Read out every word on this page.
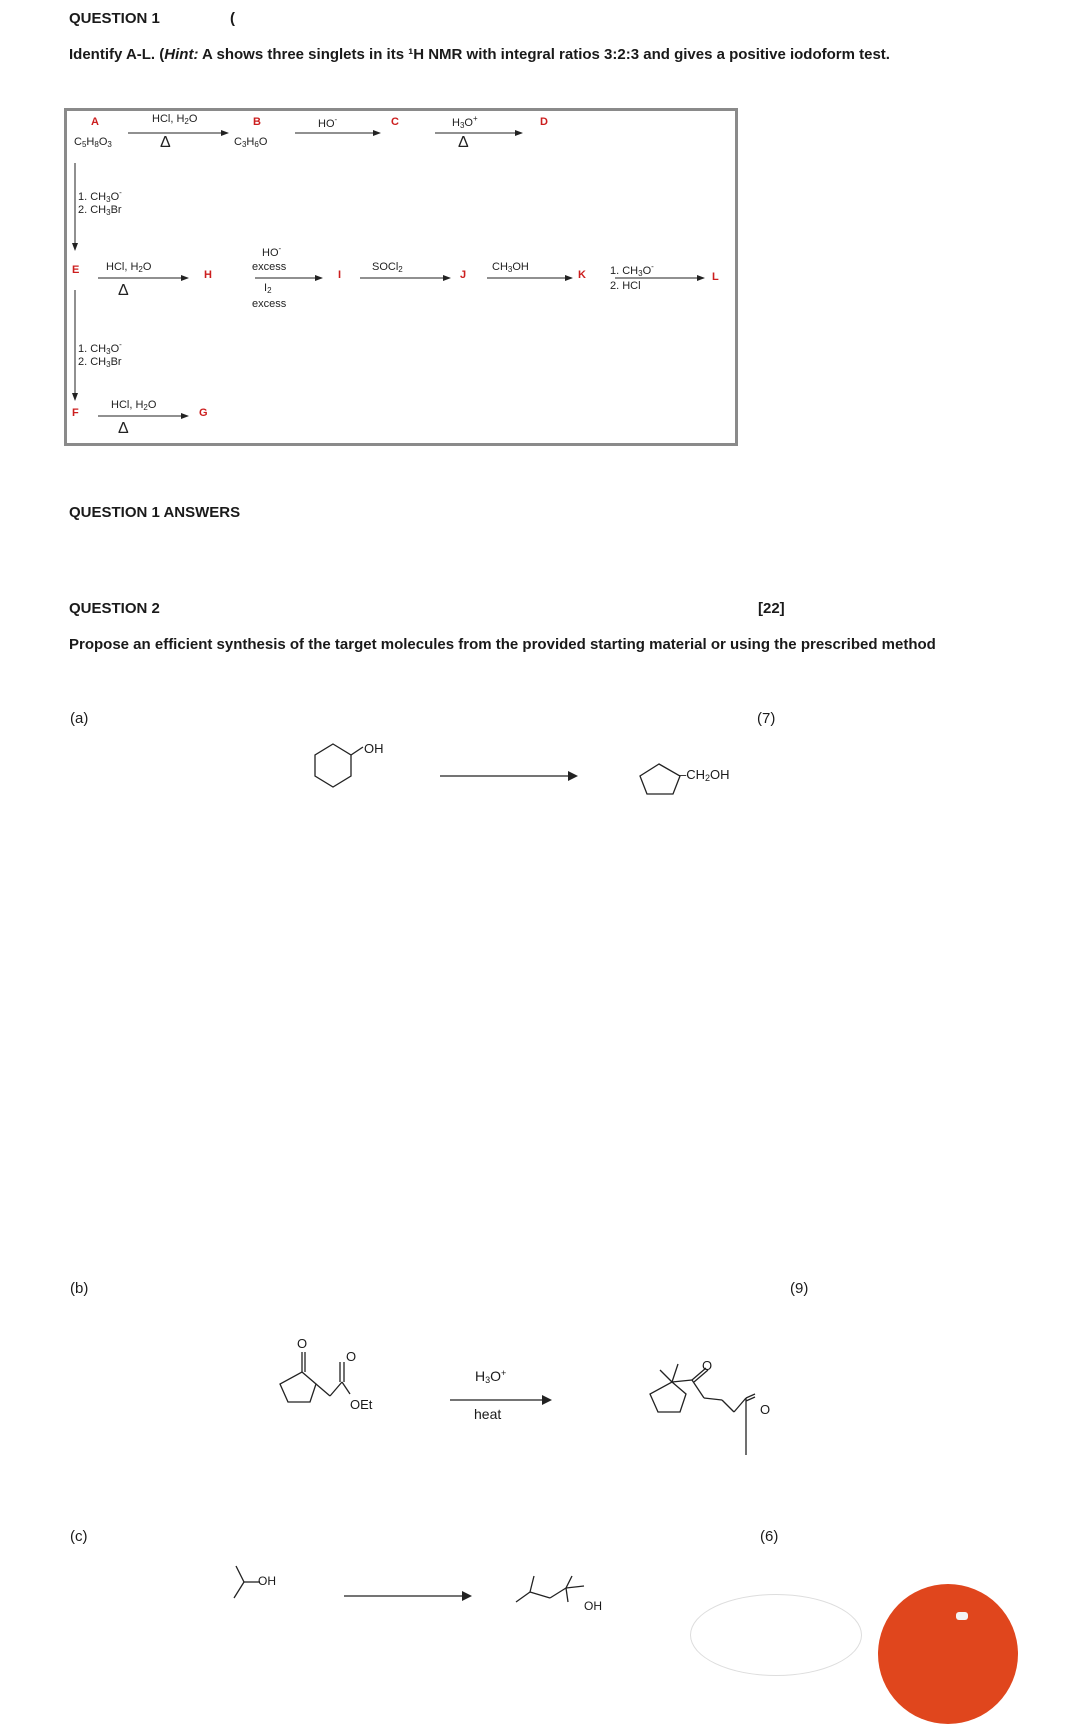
QUESTION 1	(
Identify A-L. (Hint: A shows three singlets in its ¹H NMR with integral ratios 3:2:3 and gives a positive iodoform test.
A
$C_5H_8O_3$
HCl, $H_2O$
Δ
B
$C_3H_6O$
HO-	C	$H_3O^+$
Δ
D
1. $CH_3O^-$
2. $CH_3Br$
E HCl, $H_2O$
Δ
H
HO-
excess
$I_2$
excess
I
SOCl$_2$	J
$CH_3OH$
K 1. $CH_3O^-$
2. HCl
L
1. $CH_3O^-$
2. $CH_3Br$
F
HCl, $H_2O$
Δ
G
QUESTION 1 ANSWERS
QUESTION 2	[22]
Propose an efficient synthesis of the target molecules from the provided starting material or using the prescribed method
(a)	(7)
OH
$-CH_2OH$
(b)	(9)
O
O
OEt
$H_3O^+$
heat
O
O
(c)	(6)
OH
OH
